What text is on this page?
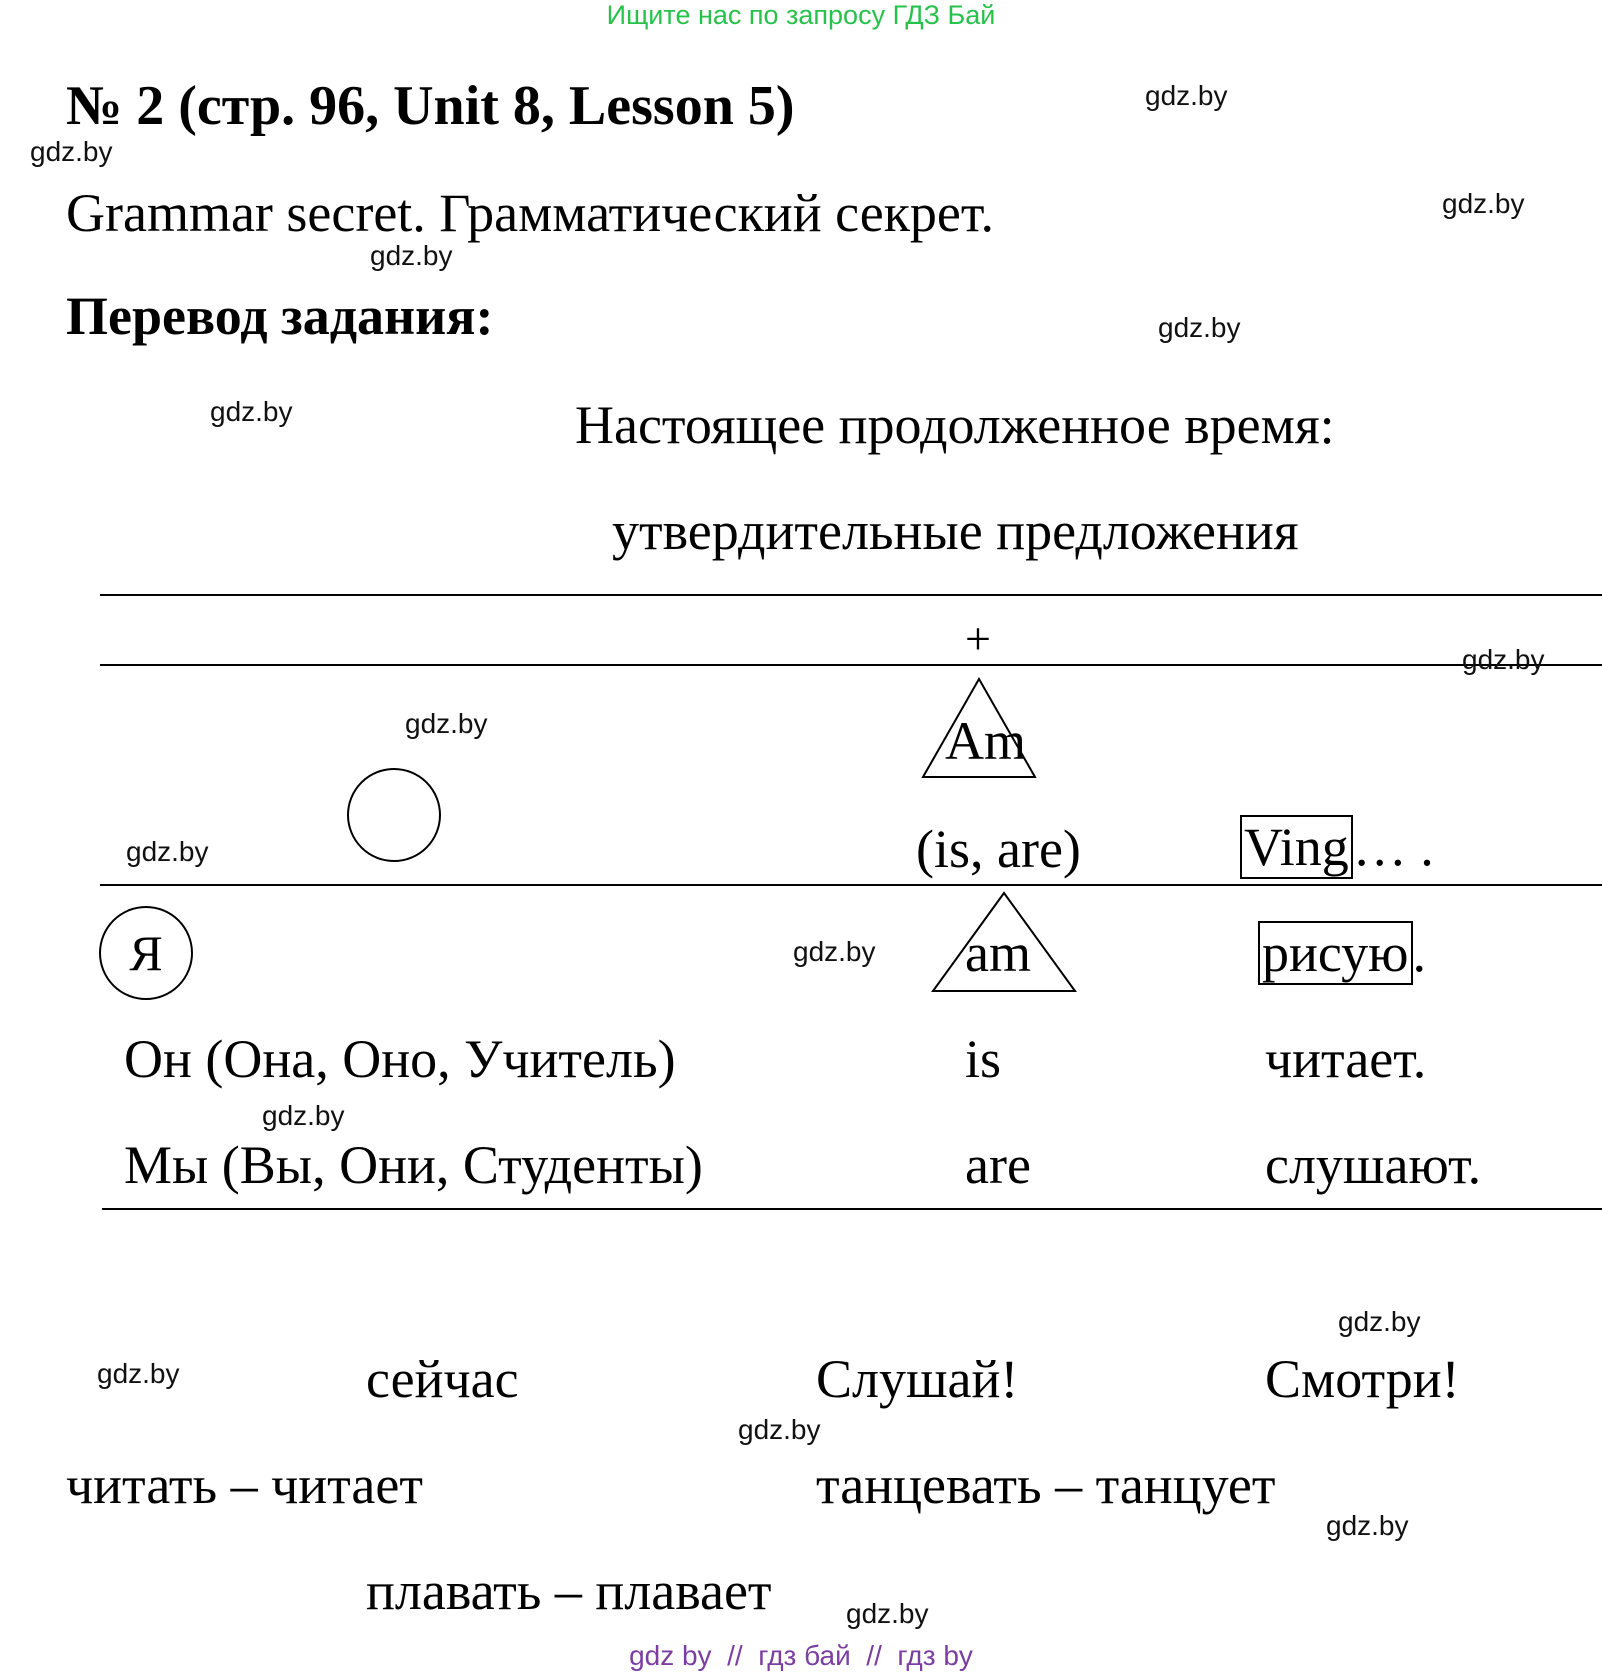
Ищите нас по запросу ГДЗ Бай
№ 2 (стр. 96, Unit 8, Lesson 5)
Grammar secret. Грамматический секрет.
Перевод задания:
Настоящее продолженное время:
утвердительные предложения
+
Am
(is, are)	Ving… .
Я	am	рисую.
Он (Она, Оно, Учитель)	is	читает.
Мы (Вы, Они, Студенты)	are	слушают.
сейчас	Слушай!	Смотри!
читать – читает	танцевать – танцует
плавать – плавает
gdz.by
gdz.by
gdz.by
gdz.by
gdz.by
gdz.by
gdz.by
gdz.by
gdz.by
gdz.by
gdz.by
gdz.by
gdz.by
gdz.by
gdz.by
gdz.by
gdz by  //  гдз бай  //  гдз by
